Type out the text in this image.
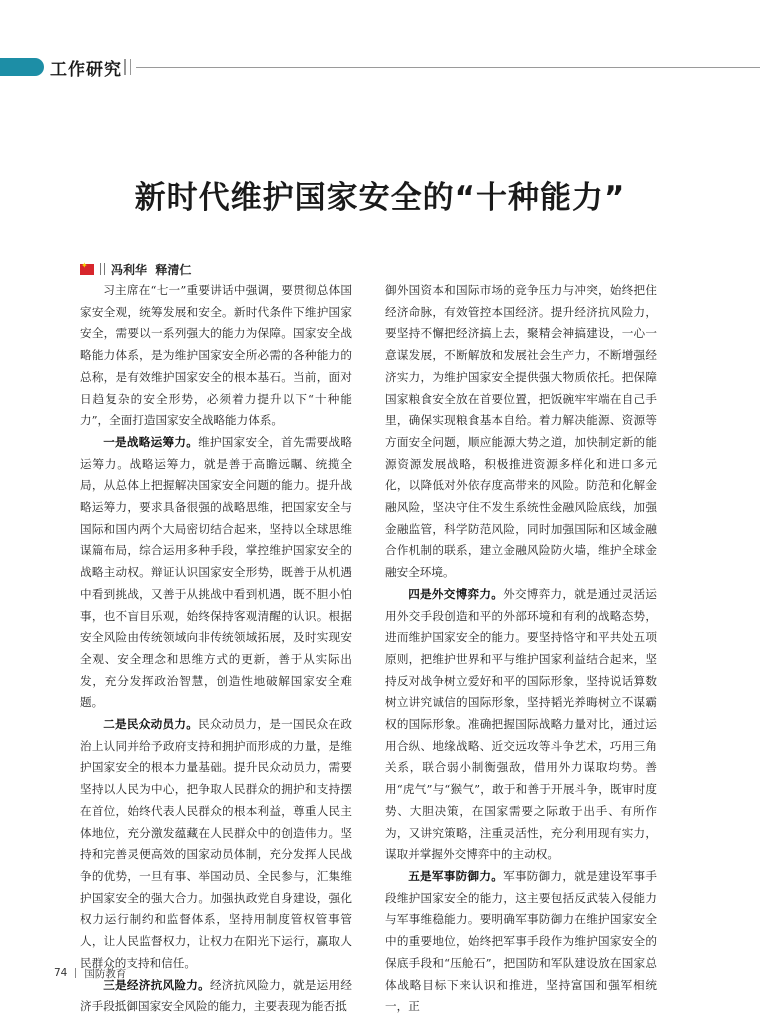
工作研究
新时代维护国家安全的“十种能力”
✦
冯利华  释清仁

习主席在“七一”重要讲话中强调，要贯彻总体国家安全观，统筹发展和安全。新时代条件下维护国家安全，需要以一系列强大的能力为保障。国家安全战略能力体系，是为维护国家安全所必需的各种能力的总称，是有效维护国家安全的根本基石。当前，面对日趋复杂的安全形势，必须着力提升以下“十种能力”，全面打造国家安全战略能力体系。

一是战略运筹力。维护国家安全，首先需要战略运筹力。战略运筹力，就是善于高瞻远瞩、统揽全局，从总体上把握解决国家安全问题的能力。提升战略运筹力，要求具备很强的战略思维，把国家安全与国际和国内两个大局密切结合起来，坚持以全球思维谋篇布局，综合运用多种手段，掌控维护国家安全的战略主动权。辩证认识国家安全形势，既善于从机遇中看到挑战，又善于从挑战中看到机遇，既不胆小怕事，也不盲目乐观，始终保持客观清醒的认识。根据安全风险由传统领域向非传统领域拓展，及时实现安全观、安全理念和思维方式的更新，善于从实际出发，充分发挥政治智慧，创造性地破解国家安全难题。

二是民众动员力。民众动员力，是一国民众在政治上认同并给予政府支持和拥护而形成的力量，是维护国家安全的根本力量基础。提升民众动员力，需要坚持以人民为中心，把争取人民群众的拥护和支持摆在首位，始终代表人民群众的根本利益，尊重人民主体地位，充分激发蕴藏在人民群众中的创造伟力。坚持和完善灵便高效的国家动员体制，充分发挥人民战争的优势，一旦有事、举国动员、全民参与，汇集维护国家安全的强大合力。加强执政党自身建设，强化权力运行制约和监督体系，坚持用制度管权管事管人，让人民监督权力，让权力在阳光下运行，赢取人民群众的支持和信任。

三是经济抗风险力。经济抗风险力，就是运用经济手段抵御国家安全风险的能力，主要表现为能否抵

御外国资本和国际市场的竞争压力与冲突，始终把住经济命脉，有效管控本国经济。提升经济抗风险力，要坚持不懈把经济搞上去，聚精会神搞建设，一心一意谋发展，不断解放和发展社会生产力，不断增强经济实力，为维护国家安全提供强大物质依托。把保障国家粮食安全放在首要位置，把饭碗牢牢端在自己手里，确保实现粮食基本自给。着力解决能源、资源等方面安全问题，顺应能源大势之道，加快制定新的能源资源发展战略，积极推进资源多样化和进口多元化，以降低对外依存度高带来的风险。防范和化解金融风险，坚决守住不发生系统性金融风险底线，加强金融监管，科学防范风险，同时加强国际和区域金融合作机制的联系，建立金融风险防火墙，维护全球金融安全环境。

四是外交博弈力。外交博弈力，就是通过灵活运用外交手段创造和平的外部环境和有利的战略态势，进而维护国家安全的能力。要坚持恪守和平共处五项原则，把维护世界和平与维护国家利益结合起来，坚持反对战争树立爱好和平的国际形象，坚持说话算数树立讲究诚信的国际形象，坚持韬光养晦树立不谋霸权的国际形象。准确把握国际战略力量对比，通过运用合纵、地缘战略、近交远攻等斗争艺术，巧用三角关系，联合弱小制衡强敌，借用外力谋取均势。善用“虎气”与“猴气”，敢于和善于开展斗争，既审时度势、大胆决策，在国家需要之际敢于出手、有所作为，又讲究策略，注重灵活性，充分利用现有实力，谋取并掌握外交博弈中的主动权。

五是军事防御力。军事防御力，就是建设军事手段维护国家安全的能力，这主要包括反武装入侵能力与军事维稳能力。要明确军事防御力在维护国家安全中的重要地位，始终把军事手段作为维护国家安全的保底手段和“压舱石”，把国防和军队建设放在国家总体战略目标下来认识和推进，坚持富国和强军相统一，正

74 国防教育
